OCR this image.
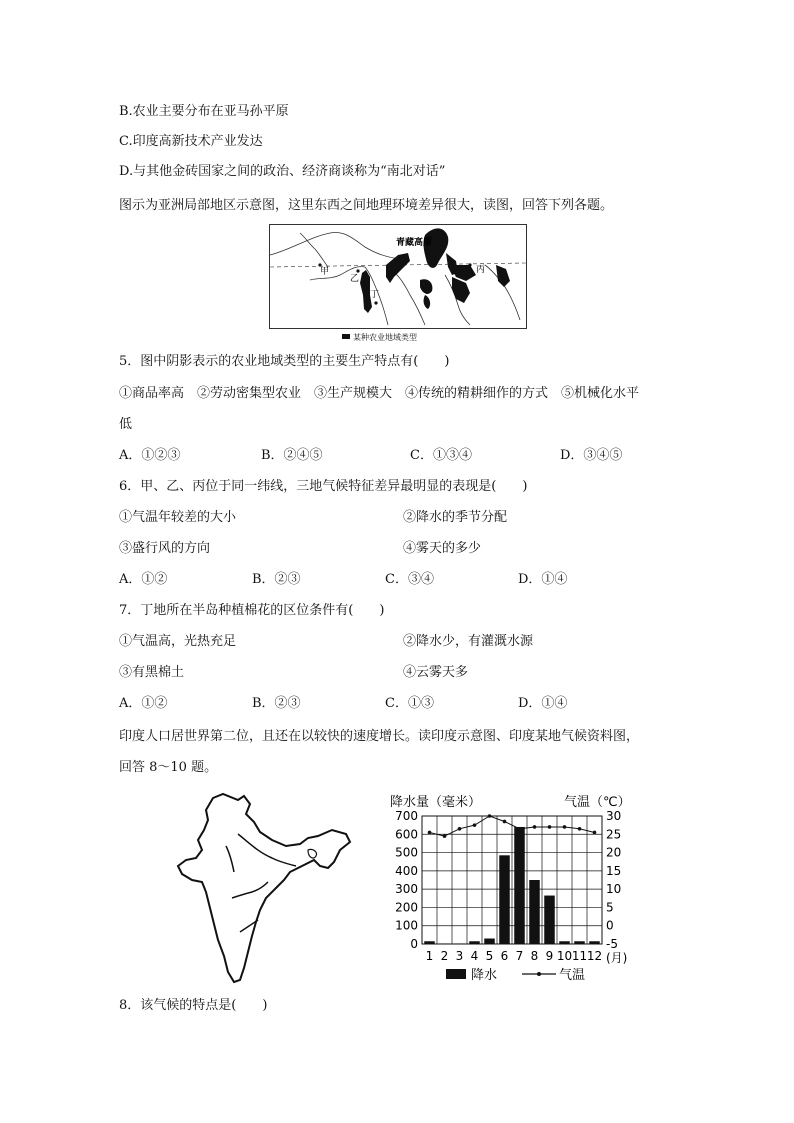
B.农业主要分布在亚马孙平原
C.印度高新技术产业发达
D.与其他金砖国家之间的政治、经济商谈称为“南北对话”
图示为亚洲局部地区示意图，这里东西之间地理环境差异很大，读图，回答下列各题。
青藏高原
甲
乙
丙
丁
某种农业地域类型
5．图中阴影表示的农业地域类型的主要生产特点有(　　)
①商品率高　②劳动密集型农业　③生产规模大　④传统的精耕细作的方式　⑤机械化水平
低
A．①②③	B．②④⑤	C．①③④	D．③④⑤
6．甲、乙、丙位于同一纬线，三地气候特征差异最明显的表现是(　　)
①气温年较差的大小	②降水的季节分配
③盛行风的方向	④雾天的多少
A．①②	B．②③	C．③④	D．①④
7．丁地所在半岛种植棉花的区位条件有(　　)
①气温高，光热充足	②降水少，有灌溉水源
③有黑棉土	④云雾天多
A．①②	B．②③	C．①③	D．①④
印度人口居世界第二位，且还在以较快的速度增长。读印度示意图、印度某地气候资料图，
回答 8～10 题。
降水量（毫米）	气温（℃）
0
100
200
300
400
500
600
700
-5
0
5
10
15
20
25
30
1 2 3 4 5 6 7 8 9 10 11 12 (月)
降水	气温
8．该气候的特点是(　　)
